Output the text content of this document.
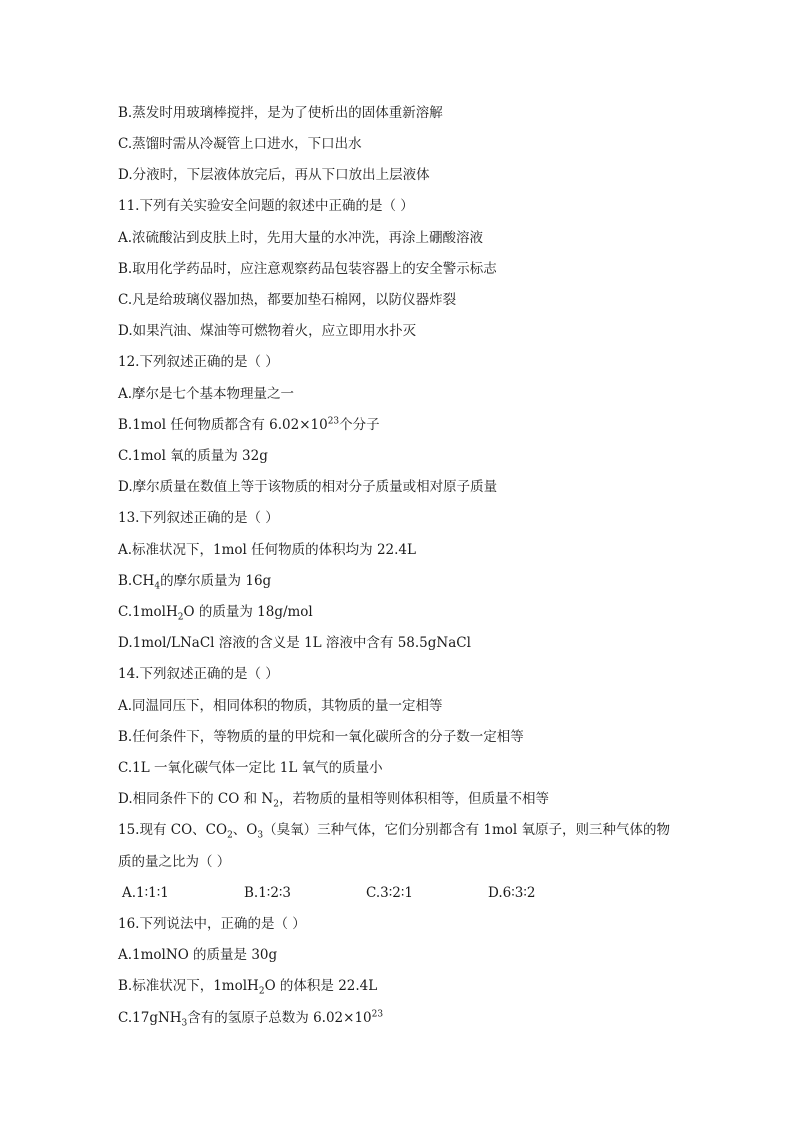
B.蒸发时用玻璃棒搅拌，是为了使析出的固体重新溶解
C.蒸馏时需从冷凝管上口进水，下口出水
D.分液时，下层液体放完后，再从下口放出上层液体
11.下列有关实验安全问题的叙述中正确的是（ ）
A.浓硫酸沾到皮肤上时，先用大量的水冲洗，再涂上硼酸溶液
B.取用化学药品时，应注意观察药品包装容器上的安全警示标志
C.凡是给玻璃仪器加热，都要加垫石棉网，以防仪器炸裂
D.如果汽油、煤油等可燃物着火，应立即用水扑灭
12.下列叙述正确的是（ ）
A.摩尔是七个基本物理量之一
B.1mol 任何物质都含有 $6.02\times 10^{23}$个分子
C.1mol 氧的质量为 32g
D.摩尔质量在数值上等于该物质的相对分子质量或相对原子质量
13.下列叙述正确的是（ ）
A.标准状况下，1mol 任何物质的体积均为 22.4L
$B.CH_4$的摩尔质量为 16g
C.1molH$_2$O 的质量为 18g/mol
D.1mol/LNaCl 溶液的含义是 1L 溶液中含有 58.5gNaCl
14.下列叙述正确的是（ ）
A.同温同压下，相同体积的物质，其物质的量一定相等
B.任何条件下，等物质的量的甲烷和一氧化碳所含的分子数一定相等
C.1L 一氧化碳气体一定比 1L 氧气的质量小
D.相同条件下的 CO 和 $N_2$，若物质的量相等则体积相等，但质量不相等
15.现有 CO、$CO_2$、$O_3$（臭氧）三种气体，它们分别都含有 1mol 氧原子，则三种气体的物
质的量之比为（ ）
A.1∶1∶1	B.1∶2∶3	C.3∶2∶1	D.6∶3∶2
16.下列说法中，正确的是（ ）
A.1molNO 的质量是 30g
B.标准状况下，1molH$_2$O 的体积是 22.4L
C.17gNH$_3$含有的氢原子总数为 $6.02\times 10^{23}$
